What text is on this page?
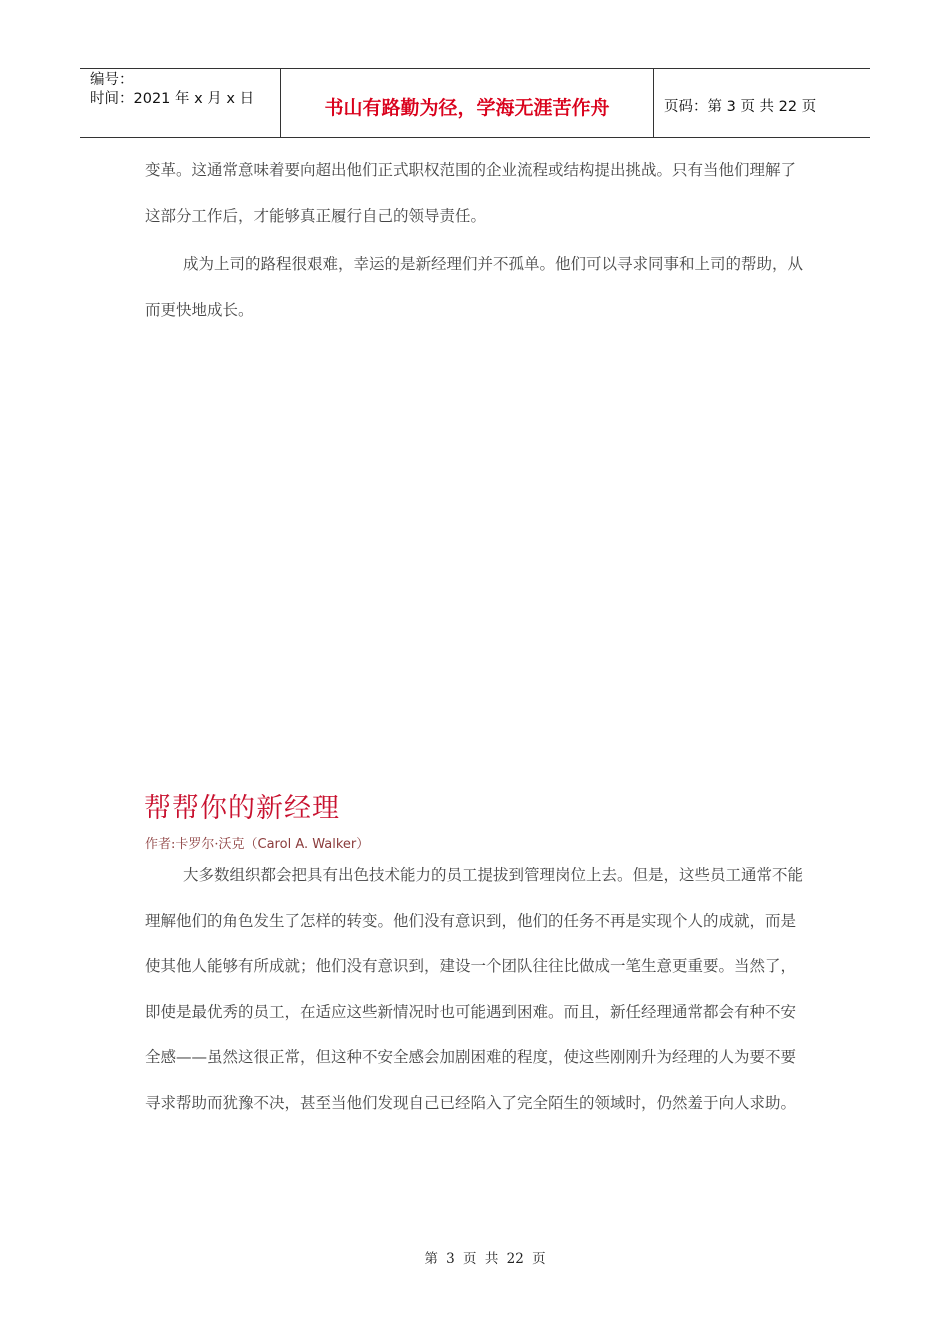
编号：
时间：2021 年 x 月 x 日	书山有路勤为径，学海无涯苦作舟	页码：第 3 页 共 22 页

变革。这通常意味着要向超出他们正式职权范围的企业流程或结构提出挑战。只有当他们理解了这部分工作后，才能够真正履行自己的领导责任。

成为上司的路程很艰难，幸运的是新经理们并不孤单。他们可以寻求同事和上司的帮助，从而更快地成长。

帮帮你的新经理
作者:卡罗尔·沃克（Carol A. Walker）

大多数组织都会把具有出色技术能力的员工提拔到管理岗位上去。但是，这些员工通常不能理解他们的角色发生了怎样的转变。他们没有意识到，他们的任务不再是实现个人的成就，而是使其他人能够有所成就；他们没有意识到，建设一个团队往往比做成一笔生意更重要。当然了，即使是最优秀的员工，在适应这些新情况时也可能遇到困难。而且，新任经理通常都会有种不安全感——虽然这很正常，但这种不安全感会加剧困难的程度，使这些刚刚升为经理的人为要不要寻求帮助而犹豫不决，甚至当他们发现自己已经陷入了完全陌生的领域时，仍然羞于向人求助。

第 3 页 共 22 页
